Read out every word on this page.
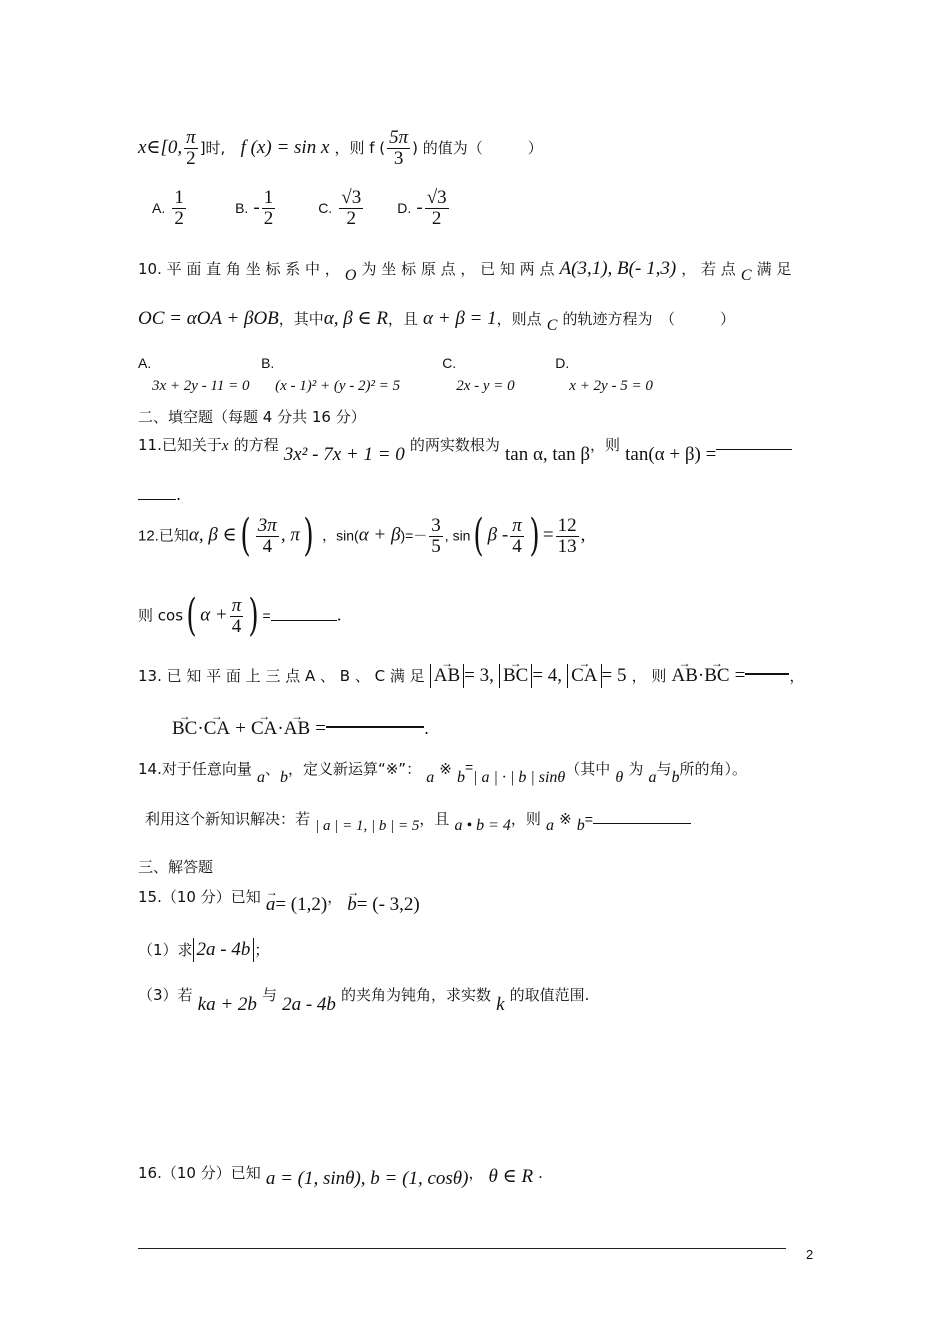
x∈[0, $\frac{\pi}{2}$ ]时, f (x) = sin x ，则 f ( $\frac{5\pi}{3}$ ) 的值为（　　　）
A. $\frac{1}{2}$	B. - $\frac{1}{2}$	C. $\frac{√3}{2} D$. - $\frac{√3}{2}$
10. 平 面 直 角 坐 标 系 中 ， O 为 坐 标 原 点 ， 已 知 两 点 A(3,1), B(- 1,3) ， 若 点 C 满 足
OC = αOA + βOB，其中α, β ∈ R，且 α + β = 1，则点 C 的轨迹方程为　（　　　）
A.
3x + 2y - 11 = 0 B.
(x - 1)² + (y - 2)² = 5 C.
2x - y = 0 D.
x + 2y - 5 = 0
二、填空题（每题 4 分共 16 分）
11.已知关于x 的方程 3x² - 7x + 1 = 0 的两实数根为 tan α, tan β，则 tan(α + β) =
.
12.已知α, β ∈( $\frac{3\pi}{4}$ , π) ，$\sin(\alpha + \beta)=- \frac{3}{5}$ , sin( β - $\frac{\pi}{4}$ ) = $\frac{12}{13}$ ,
则 cos( $\alpha + \frac{\pi}{4}$ ) =	.
13. 已 知 平 面 上 三 点 A 、 B 、 C 满 足 → AB = 3, → BC = 4, → CA = 5 ， 则 → AB·→ BC =	，
→ BC·→ CA + → CA·→ AB =	.
14.对于任意向量 a、b，定义新运算“※”： a ※ b=| a | · | b | sinθ（其中 θ 为 a与b所的角）。
利用这个新知识解决：若 | a | = 1, | b | = 5，且 a • b = 4，则 a ※ b=
三、解答题
15.（10 分）已知 → a= (1,2)， → b= (- 3,2)
（1）求 2a - 4b ；
（3）若 ka + 2b 与 2a - 4b 的夹角为钝角，求实数 k 的取值范围.
16.（10 分）已知 a = (1, sinθ), b = (1, cosθ)， θ ∈ R .
2
